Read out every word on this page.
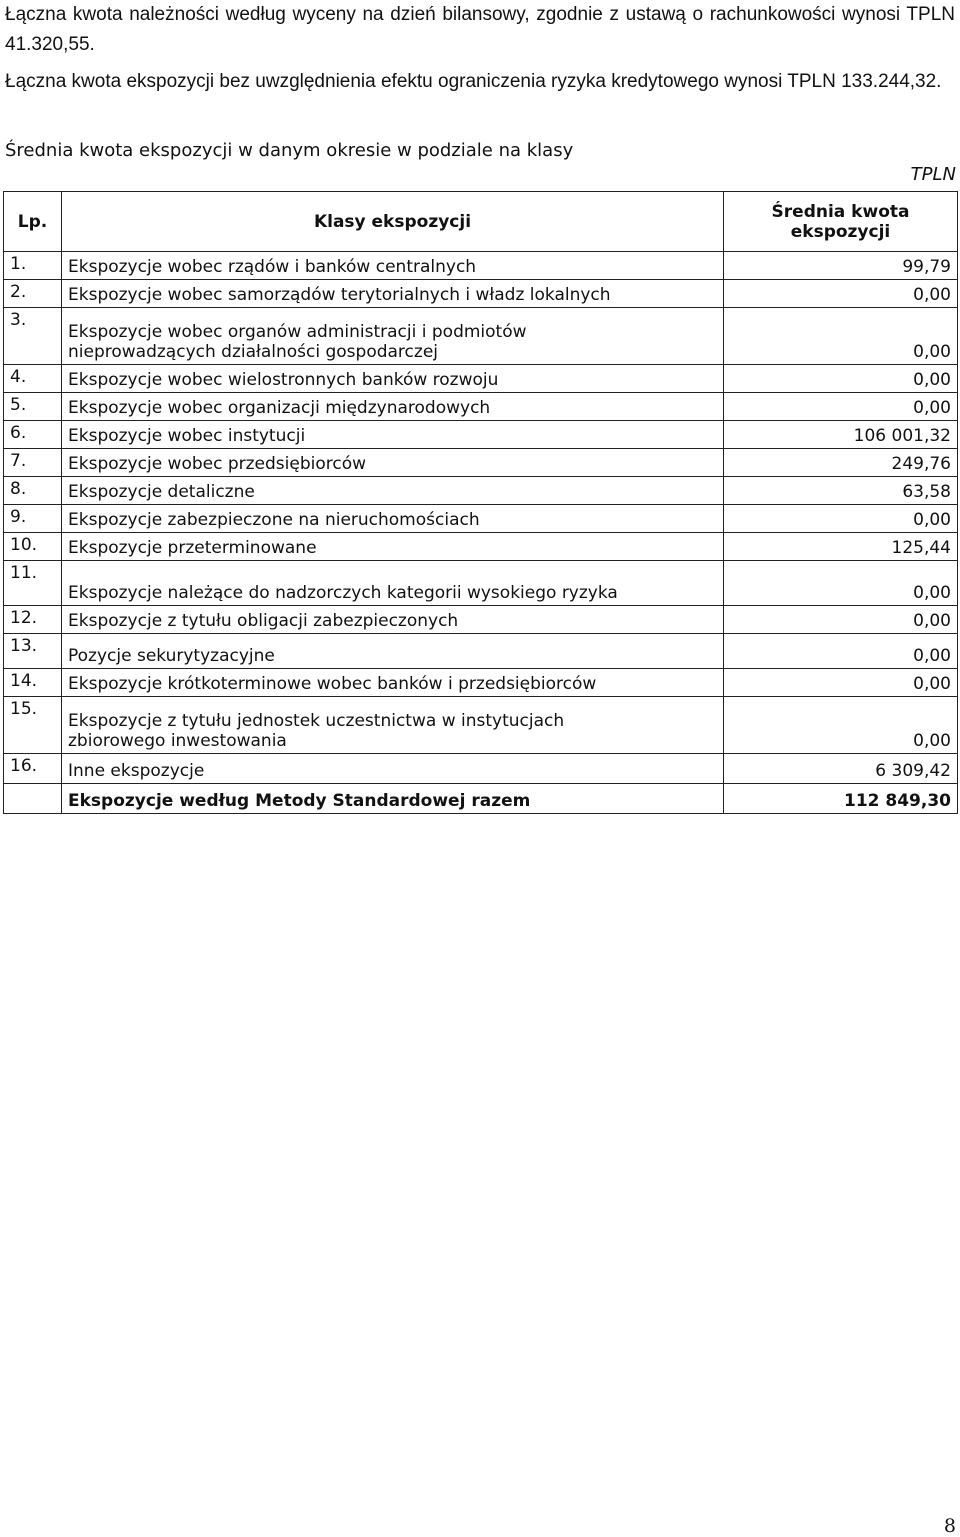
Łączna kwota należności według wyceny na dzień bilansowy, zgodnie z ustawą o rachunkowości wynosi TPLN 41.320,55.
Łączna kwota ekspozycji bez uwzględnienia efektu ograniczenia ryzyka kredytowego wynosi TPLN 133.244,32.
Średnia kwota ekspozycji w danym okresie w podziale na klasy
TPLN
Lp.	Klasy ekspozycji	Średnia kwota ekspozycji
1.	Ekspozycje wobec rządów i banków centralnych	99,79
2.	Ekspozycje wobec samorządów terytorialnych i władz lokalnych	0,00
3.	Ekspozycje wobec organów administracji i podmiotów nieprowadzących działalności gospodarczej	0,00
4.	Ekspozycje wobec wielostronnych banków rozwoju	0,00
5.	Ekspozycje wobec organizacji międzynarodowych	0,00
6.	Ekspozycje wobec instytucji	106 001,32
7.	Ekspozycje wobec przedsiębiorców	249,76
8.	Ekspozycje detaliczne	63,58
9.	Ekspozycje zabezpieczone na nieruchomościach	0,00
10.	Ekspozycje przeterminowane	125,44
11.	Ekspozycje należące do nadzorczych kategorii wysokiego ryzyka	0,00
12.	Ekspozycje z tytułu obligacji zabezpieczonych	0,00
13.	Pozycje sekurytyzacyjne	0,00
14.	Ekspozycje krótkoterminowe wobec banków i przedsiębiorców	0,00
15.	Ekspozycje z tytułu jednostek uczestnictwa w instytucjach zbiorowego inwestowania	0,00
16.	Inne ekspozycje	6 309,42
	Ekspozycje według Metody Standardowej razem	112 849,30
8
